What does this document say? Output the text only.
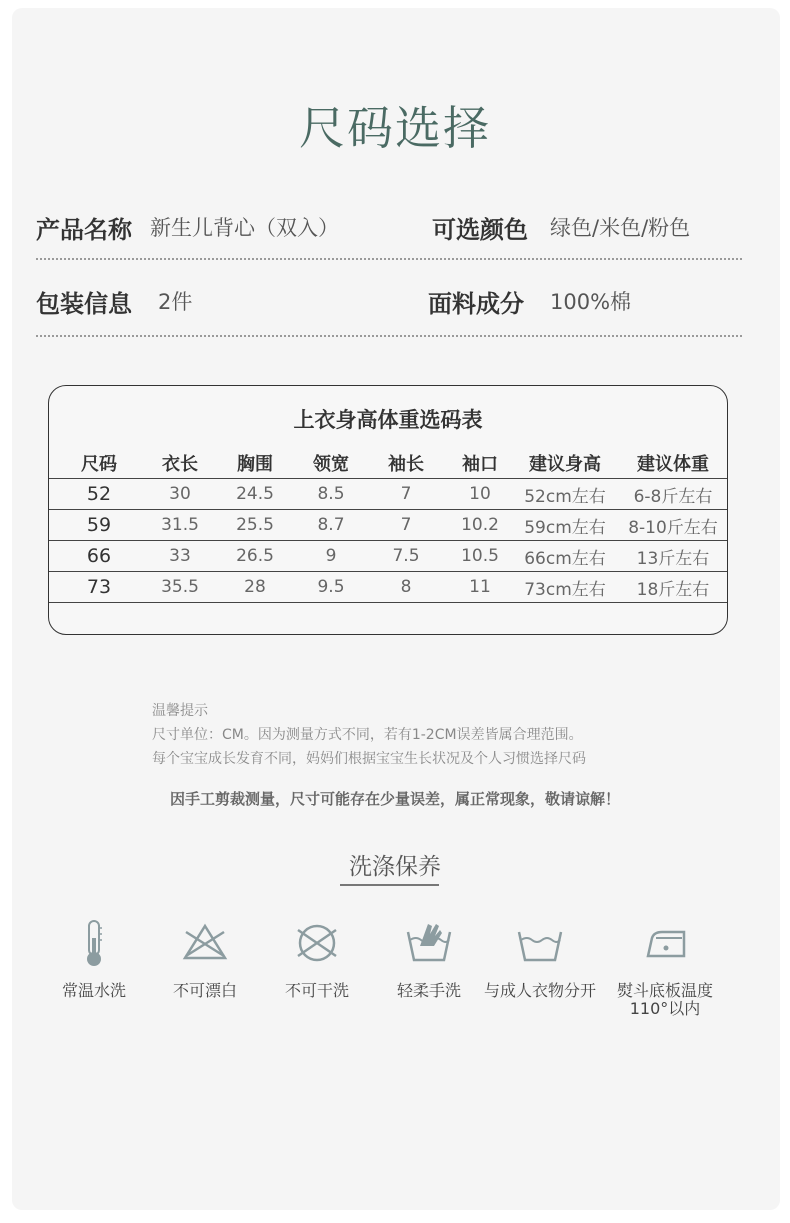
尺码选择
产品名称 新生儿背心（双入）	可选颜色 绿色/米色/粉色
包装信息 2件	面料成分 100%棉
上衣身高体重选码表
尺码	衣长	胸围	领宽	袖长	袖口	建议身高	建议体重
52	30	24.5	8.5	7	10	52cm左右	6-8斤左右
59	31.5	25.5	8.7	7	10.2	59cm左右	8-10斤左右
66	33	26.5	9	7.5	10.5	66cm左右	13斤左右
73	35.5	28	9.5	8	11	73cm左右	18斤左右
温馨提示
尺寸单位：CM。因为测量方式不同，若有1-2CM误差皆属合理范围。
每个宝宝成长发育不同，妈妈们根据宝宝生长状况及个人习惯选择尺码
因手工剪裁测量，尺寸可能存在少量误差，属正常现象，敬请谅解！
洗涤保养
常温水洗	不可漂白	不可干洗	轻柔手洗	与成人衣物分开	熨斗底板温度
110°以内
